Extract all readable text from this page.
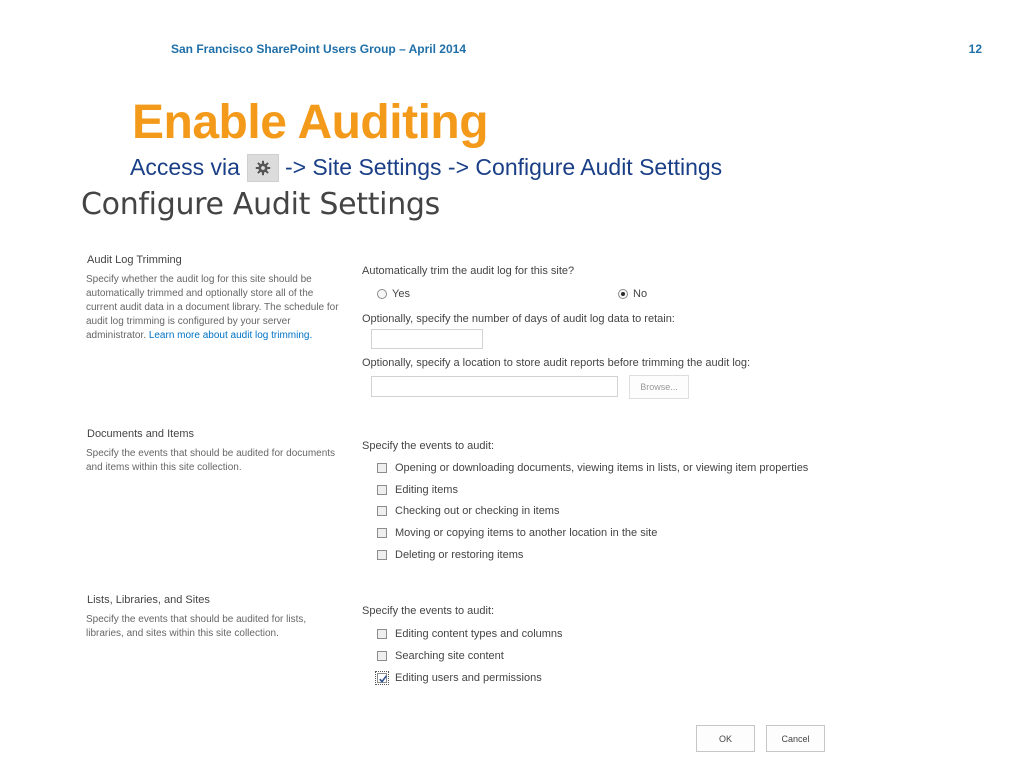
San Francisco SharePoint Users Group – April 2014	12
Enable Auditing
Access via -> Site Settings -> Configure Audit Settings
Configure Audit Settings
Audit Log Trimming
Specify whether the audit log for this site should be automatically trimmed and optionally store all of the current audit data in a document library. The schedule for audit log trimming is configured by your server administrator. Learn more about audit log trimming.
Automatically trim the audit log for this site?
Yes	No
Optionally, specify the number of days of audit log data to retain:
Optionally, specify a location to store audit reports before trimming the audit log:
Browse...
Documents and Items
Specify the events that should be audited for documents and items within this site collection.
Specify the events to audit:
Opening or downloading documents, viewing items in lists, or viewing item properties
Editing items
Checking out or checking in items
Moving or copying items to another location in the site
Deleting or restoring items
Lists, Libraries, and Sites
Specify the events that should be audited for lists, libraries, and sites within this site collection.
Specify the events to audit:
Editing content types and columns
Searching site content
Editing users and permissions
OK	Cancel
